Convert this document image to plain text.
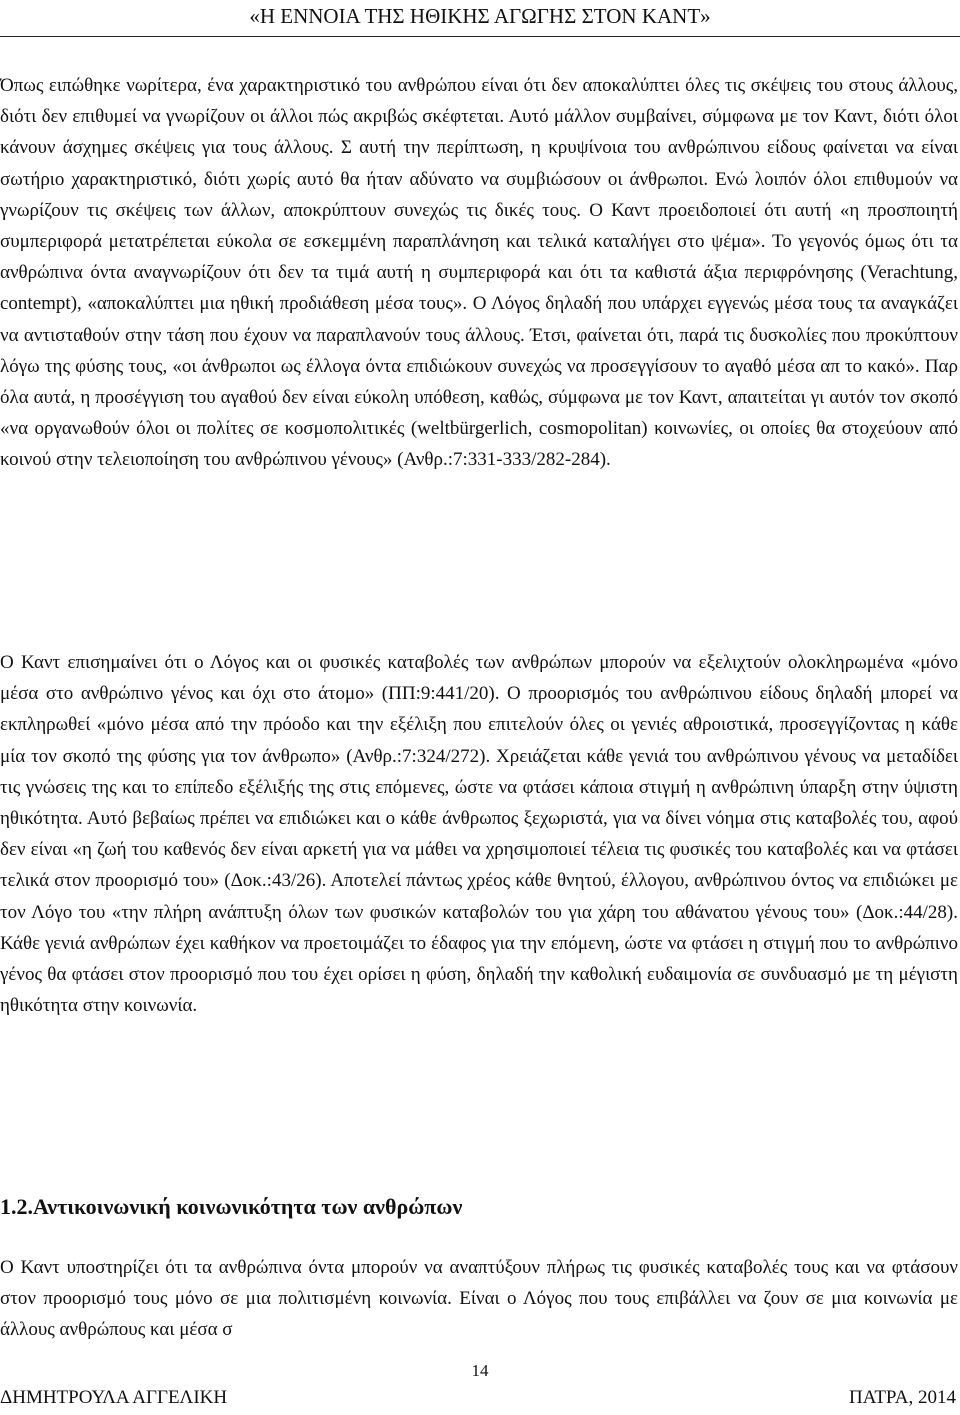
«Η ΕΝΝΟΙΑ ΤΗΣ ΗΘΙΚΗΣ ΑΓΩΓΗΣ ΣΤΟΝ ΚΑΝΤ»

Όπως ειπώθηκε νωρίτερα, ένα χαρακτηριστικό του ανθρώπου είναι ότι δεν αποκαλύπτει όλες τις σκέψεις του στους άλλους, διότι δεν επιθυμεί να γνωρίζουν οι άλλοι πώς ακριβώς σκέφτεται. Αυτό μάλλον συμβαίνει, σύμφωνα με τον Καντ, διότι όλοι κάνουν άσχημες σκέψεις για τους άλλους. Σ αυτή την περίπτωση, η κρυψίνοια του ανθρώπινου είδους φαίνεται να είναι σωτήριο χαρακτηριστικό, διότι χωρίς αυτό θα ήταν αδύνατο να συμβιώσουν οι άνθρωποι. Ενώ λοιπόν όλοι επιθυμούν να γνωρίζουν τις σκέψεις των άλλων, αποκρύπτουν συνεχώς τις δικές τους. Ο Καντ προειδοποιεί ότι αυτή «η προσποιητή συμπεριφορά μετατρέπεται εύκολα σε εσκεμμένη παραπλάνηση και τελικά καταλήγει στο ψέμα». Το γεγονός όμως ότι τα ανθρώπινα όντα αναγνωρίζουν ότι δεν τα τιμά αυτή η συμπεριφορά και ότι τα καθιστά άξια περιφρόνησης (Verachtung, contempt), «αποκαλύπτει μια ηθική προδιάθεση μέσα τους». Ο Λόγος δηλαδή που υπάρχει εγγενώς μέσα τους τα αναγκάζει να αντισταθούν στην τάση που έχουν να παραπλανούν τους άλλους. Έτσι, φαίνεται ότι, παρά τις δυσκολίες που προκύπτουν λόγω της φύσης τους, «οι άνθρωποι ως έλλογα όντα επιδιώκουν συνεχώς να προσεγγίσουν το αγαθό μέσα απ το κακό». Παρ όλα αυτά, η προσέγγιση του αγαθού δεν είναι εύκολη υπόθεση, καθώς, σύμφωνα με τον Καντ, απαιτείται γι αυτόν τον σκοπό «να οργανωθούν όλοι οι πολίτες σε κοσμοπολιτικές (weltbürgerlich, cosmopolitan) κοινωνίες, οι οποίες θα στοχεύουν από κοινού στην τελειοποίηση του ανθρώπινου γένους» (Ανθρ.:7:331-333/282-284).

Ο Καντ επισημαίνει ότι ο Λόγος και οι φυσικές καταβολές των ανθρώπων μπορούν να εξελιχτούν ολοκληρωμένα «μόνο μέσα στο ανθρώπινο γένος και όχι στο άτομο» (ΠΠ:9:441/20). Ο προορισμός του ανθρώπινου είδους δηλαδή μπορεί να εκπληρωθεί «μόνο μέσα από την πρόοδο και την εξέλιξη που επιτελούν όλες οι γενιές αθροιστικά, προσεγγίζοντας η κάθε μία τον σκοπό της φύσης για τον άνθρωπο» (Ανθρ.:7:324/272). Χρειάζεται κάθε γενιά του ανθρώπινου γένους να μεταδίδει τις γνώσεις της και το επίπεδο εξέλιξής της στις επόμενες, ώστε να φτάσει κάποια στιγμή η ανθρώπινη ύπαρξη στην ύψιστη ηθικότητα. Αυτό βεβαίως πρέπει να επιδιώκει και ο κάθε άνθρωπος ξεχωριστά, για να δίνει νόημα στις καταβολές του, αφού δεν είναι «η ζωή του καθενός δεν είναι αρκετή για να μάθει να χρησιμοποιεί τέλεια τις φυσικές του καταβολές και να φτάσει τελικά στον προορισμό του» (Δοκ.:43/26). Αποτελεί πάντως χρέος κάθε θνητού, έλλογου, ανθρώπινου όντος να επιδιώκει με τον Λόγο του «την πλήρη ανάπτυξη όλων των φυσικών καταβολών του για χάρη του αθάνατου γένους του» (Δοκ.:44/28). Κάθε γενιά ανθρώπων έχει καθήκον να προετοιμάζει το έδαφος για την επόμενη, ώστε να φτάσει η στιγμή που το ανθρώπινο γένος θα φτάσει στον προορισμό που του έχει ορίσει η φύση, δηλαδή την καθολική ευδαιμονία σε συνδυασμό με τη μέγιστη ηθικότητα στην κοινωνία.

1.2.Αντικοινωνική κοινωνικότητα των ανθρώπων

Ο Καντ υποστηρίζει ότι τα ανθρώπινα όντα μπορούν να αναπτύξουν πλήρως τις φυσικές καταβολές τους και να φτάσουν στον προορισμό τους μόνο σε μια πολιτισμένη κοινωνία. Είναι ο Λόγος που τους επιβάλλει να ζουν σε μια κοινωνία με άλλους ανθρώπους και μέσα σ

14
ΔΗΜΗΤΡΟΥΛΑ ΑΓΓΕΛΙΚΗ	ΠΑΤΡΑ, 2014
